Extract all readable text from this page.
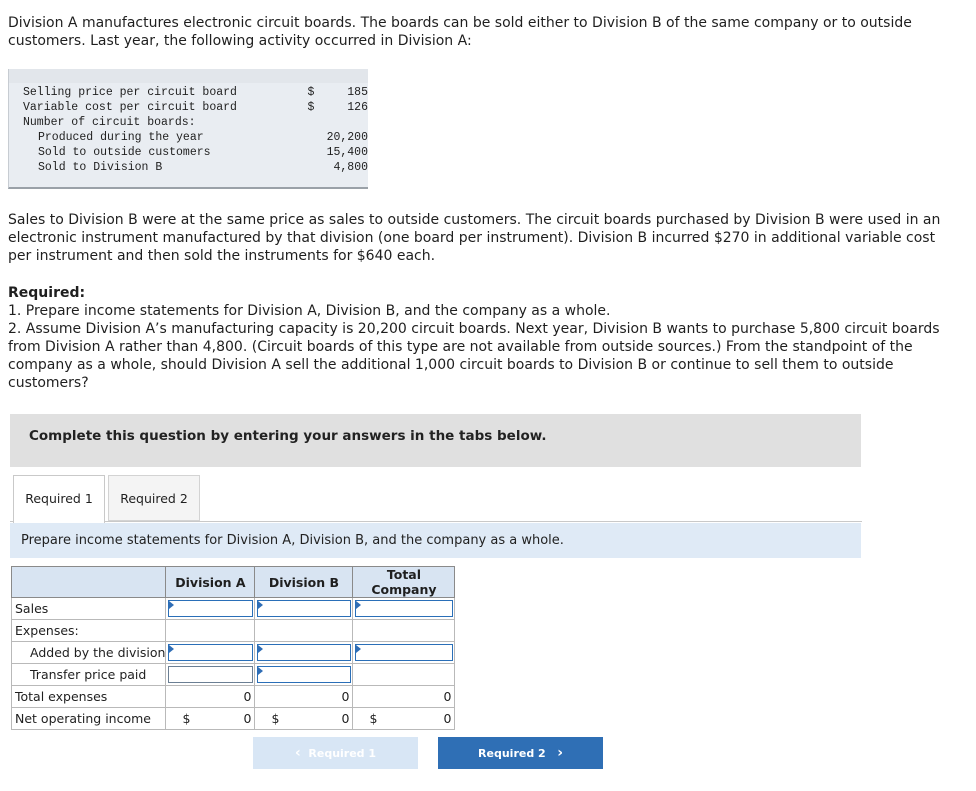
Division A manufactures electronic circuit boards. The boards can be sold either to Division B of the same company or to outside customers. Last year, the following activity occurred in Division A:

Selling price per circuit board	$	185
Variable cost per circuit board	$	126
Number of circuit boards:		
Produced during the year		20,200
Sold to outside customers		15,400
Sold to Division B		4,800

Sales to Division B were at the same price as sales to outside customers. The circuit boards purchased by Division B were used in an electronic instrument manufactured by that division (one board per instrument). Division B incurred $270 in additional variable cost per instrument and then sold the instruments for $640 each.

Required:

1. Prepare income statements for Division A, Division B, and the company as a whole.

2. Assume Division A’s manufacturing capacity is 20,200 circuit boards. Next year, Division B wants to purchase 5,800 circuit boards from Division A rather than 4,800. (Circuit boards of this type are not available from outside sources.) From the standpoint of the company as a whole, should Division A sell the additional 1,000 circuit boards to Division B or continue to sell them to outside customers?

Complete this question by entering your answers in the tabs below.
Required 1	Required 2
Prepare income statements for Division A, Division B, and the company as a whole.
	Division A	Division B	Total Company
Sales	

Expenses:			
Added by the division	

Transfer price paid	

Total expenses	0	0	0

Net operating income	$ 0	$ 0	$ 0
‹ Required 1	Required 2 ›
